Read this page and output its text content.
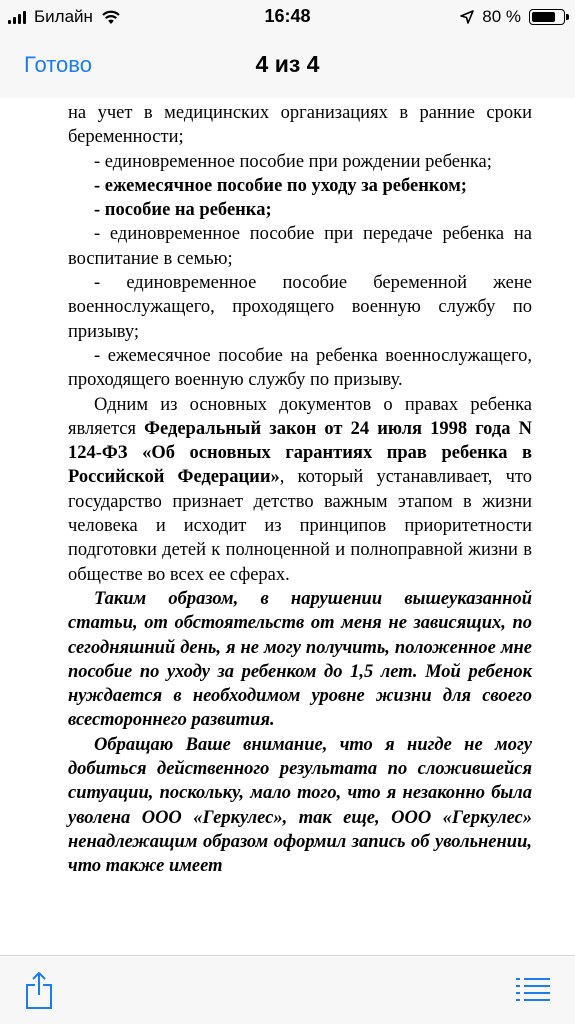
Билайн	16:48	80 %
Готово	4 из 4

на учет в медицинских организациях в ранние сроки беременности;

- единовременное пособие при рождении ребенка;

- ежемесячное пособие по уходу за ребенком;

- пособие на ребенка;

- единовременное пособие при передаче ребенка на воспитание в семью;

- единовременное пособие беременной жене военнослужащего, проходящего военную службу по призыву;

- ежемесячное пособие на ребенка военнослужащего, проходящего военную службу по призыву.

Одним из основных документов о правах ребенка является Федеральный закон от 24 июля 1998 года N 124-ФЗ «Об основных гарантиях прав ребенка в Российской Федерации», который устанавливает, что государство признает детство важным этапом в жизни человека и исходит из принципов приоритетности подготовки детей к полноценной и полноправной жизни в обществе во всех ее сферах.

Таким образом, в нарушении вышеуказанной статьи, от обстоятельств от меня не зависящих, по сегодняшний день, я не могу получить, положенное мне пособие по уходу за ребенком до 1,5 лет. Мой ребенок нуждается в необходимом уровне жизни для своего всестороннего развития.

Обращаю Ваше внимание, что я нигде не могу добиться действенного результата по сложившейся ситуации, поскольку, мало того, что я незаконно была уволена ООО «Геркулес», так еще, ООО «Геркулес» ненадлежащим образом оформил запись об увольнении, что также имеет
